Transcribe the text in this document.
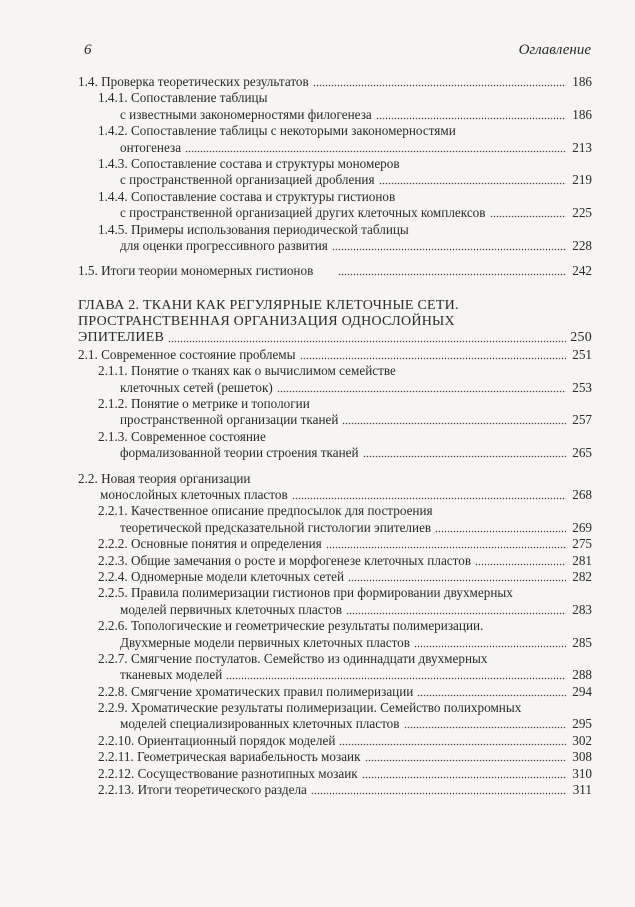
6	Оглавление
1.4. Проверка теоретических результатов	186
1.4.1. Сопоставление таблицы
с известными закономерностями филогенеза	186
1.4.2. Сопоставление таблицы с некоторыми закономерностями
онтогенеза	213
1.4.3. Сопоставление состава и структуры мономеров
с пространственной организацией дробления	219
1.4.4. Сопоставление состава и структуры гистионов
с пространственной организацией других клеточных комплексов	225
1.4.5. Примеры использования периодической таблицы
для оценки прогрессивного развития	228
1.5. Итоги теории мономерных гистионов	242
ГЛАВА 2. ТКАНИ КАК РЕГУЛЯРНЫЕ КЛЕТОЧНЫЕ СЕТИ.
ПРОСТРАНСТВЕННАЯ ОРГАНИЗАЦИЯ ОДНОСЛОЙНЫХ
ЭПИТЕЛИЕВ	250
2.1. Современное состояние проблемы	251
2.1.1. Понятие о тканях как о вычислимом семействе
клеточных сетей (решеток)	253
2.1.2. Понятие о метрике и топологии
пространственной организации тканей	257
2.1.3. Современное состояние
формализованной теории строения тканей	265
2.2. Новая теория организации
монослойных клеточных пластов	268
2.2.1. Качественное описание предпосылок для построения
теоретической предсказательной гистологии эпителиев	269
2.2.2. Основные понятия и определения	275
2.2.3. Общие замечания о росте и морфогенезе клеточных пластов	281
2.2.4. Одномерные модели клеточных сетей	282
2.2.5. Правила полимеризации гистионов при формировании двухмерных
моделей первичных клеточных пластов	283
2.2.6. Топологические и геометрические результаты полимеризации.
Двухмерные модели первичных клеточных пластов	285
2.2.7. Смягчение постулатов. Семейство из одиннадцати двухмерных
тканевых моделей	288
2.2.8. Смягчение хроматических правил полимеризации	294
2.2.9. Хроматические результаты полимеризации. Семейство полихромных
моделей специализированных клеточных пластов	295
2.2.10. Ориентационный порядок моделей	302
2.2.11. Геометрическая вариабельность мозаик	308
2.2.12. Сосуществование разнотипных мозаик	310
2.2.13. Итоги теоретического раздела	311
